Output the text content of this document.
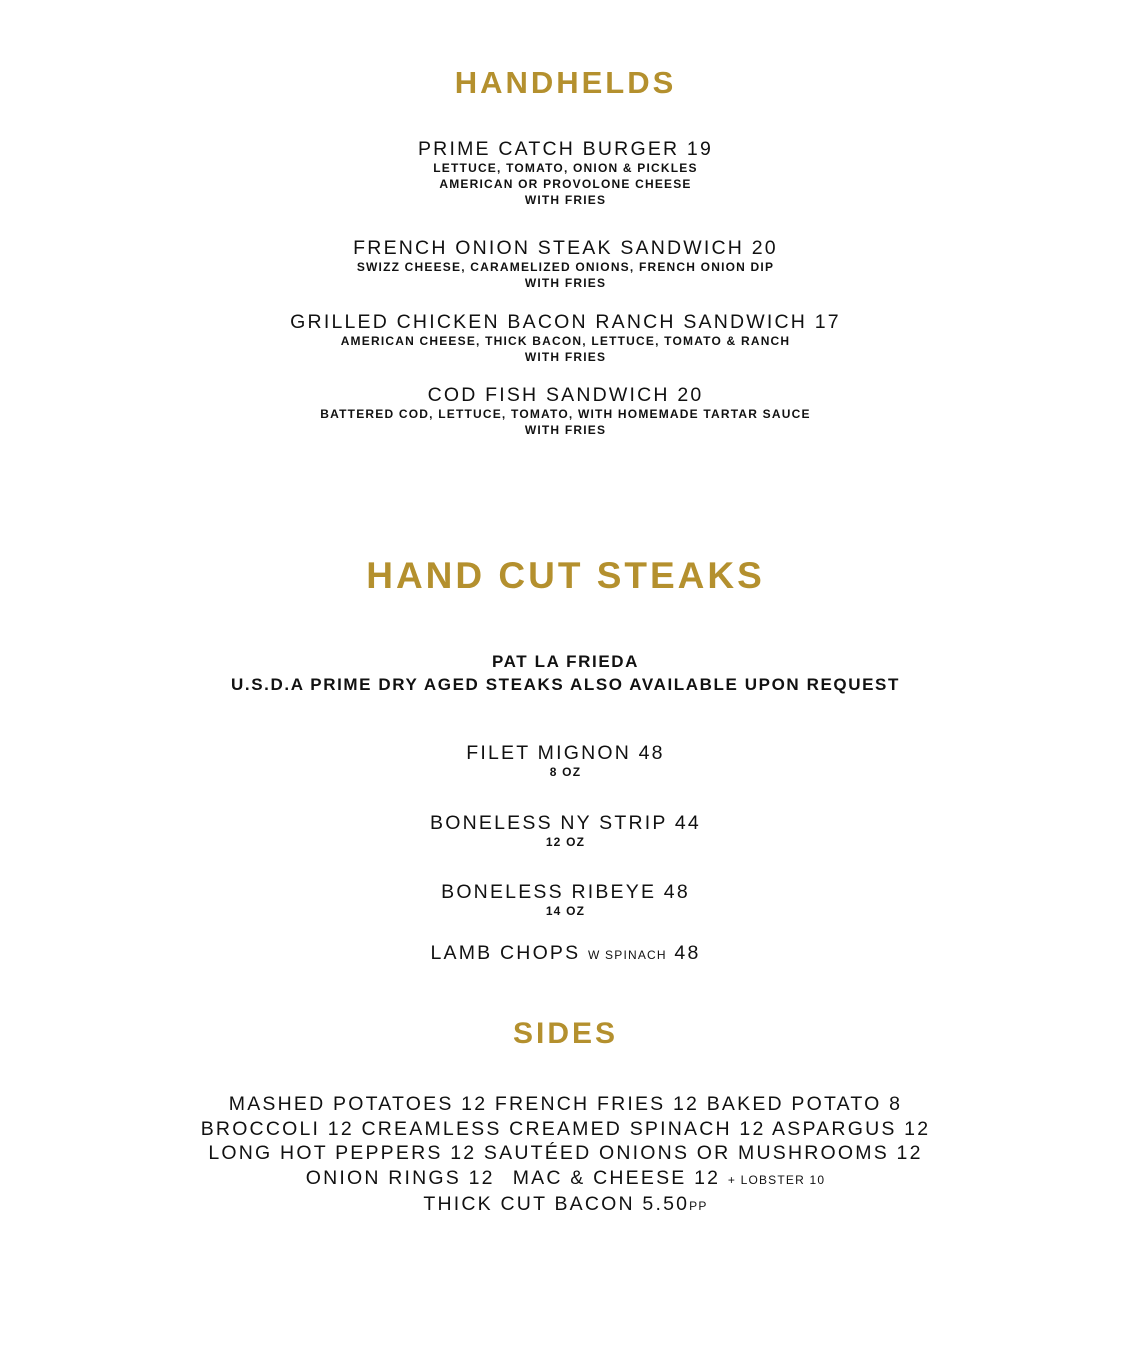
HANDHELDS
PRIME CATCH BURGER 19
LETTUCE, TOMATO, ONION & PICKLES
AMERICAN OR PROVOLONE CHEESE
WITH FRIES
FRENCH ONION STEAK SANDWICH 20
SWIZZ CHEESE, CARAMELIZED ONIONS, FRENCH ONION DIP
WITH FRIES
GRILLED CHICKEN BACON RANCH SANDWICH 17
AMERICAN CHEESE, THICK BACON, LETTUCE, TOMATO & RANCH
WITH FRIES
COD FISH SANDWICH 20
BATTERED COD, LETTUCE, TOMATO, WITH HOMEMADE TARTAR SAUCE
WITH FRIES
HAND CUT STEAKS
PAT LA FRIEDA
U.S.D.A PRIME DRY AGED STEAKS ALSO AVAILABLE UPON REQUEST
FILET MIGNON 48
8 OZ
BONELESS NY STRIP 44
12 OZ
BONELESS RIBEYE 48
14 OZ
LAMB CHOPS W SPINACH 48
SIDES
MASHED POTATOES 12 FRENCH FRIES 12 BAKED POTATO 8
BROCCOLI 12 CREAMLESS CREAMED SPINACH 12 ASPARGUS 12
LONG HOT PEPPERS 12 SAUTÉED ONIONS OR MUSHROOMS 12
ONION RINGS 12 MAC & CHEESE 12 + LOBSTER 10
THICK CUT BACON 5.50PP
